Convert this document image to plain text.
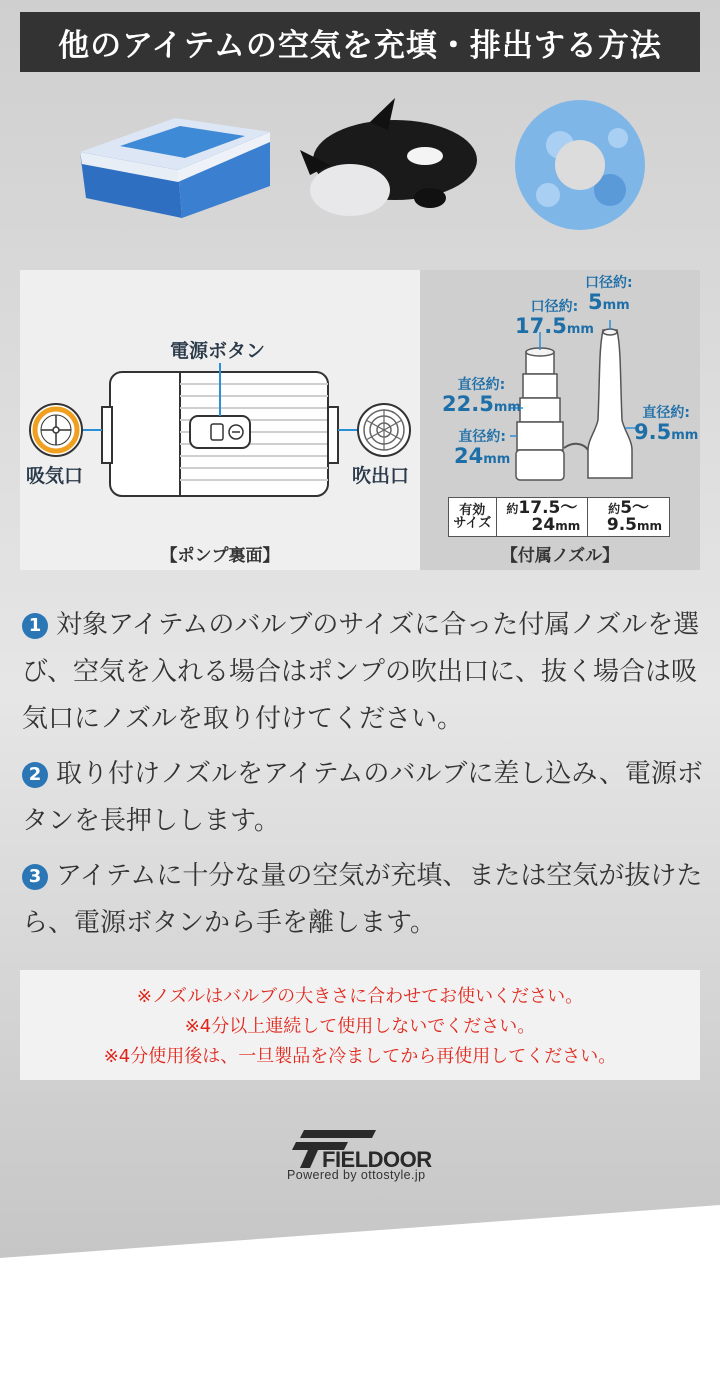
他のアイテムの空気を充填・排出する方法
電源ボタン
吸気口	吹出口
【ポンプ裏面】
口径約:
17.5mm
口径約:
5mm
直径約:
22.5mm
直径約:
24mm
直径約:
9.5mm
【付属ノズル】
有効
サイズ

約17.5〜
24mm

約5〜
9.5mm
1 対象アイテムのバルブのサイズに合った付属ノズルを選び、空気を入れる場合はポンプの吹出口に、抜く場合は吸気口にノズルを取り付けてください。
2 取り付けノズルをアイテムのバルブに差し込み、電源ボタンを長押しします。
3 アイテムに十分な量の空気が充填、または空気が抜けたら、電源ボタンから手を離します。
※ノズルはバルブの大きさに合わせてお使いください。
※4分以上連続して使用しないでください。
※4分使用後は、一旦製品を冷ましてから再使用してください。
FIELDOOR
Powered by ottostyle.jp
